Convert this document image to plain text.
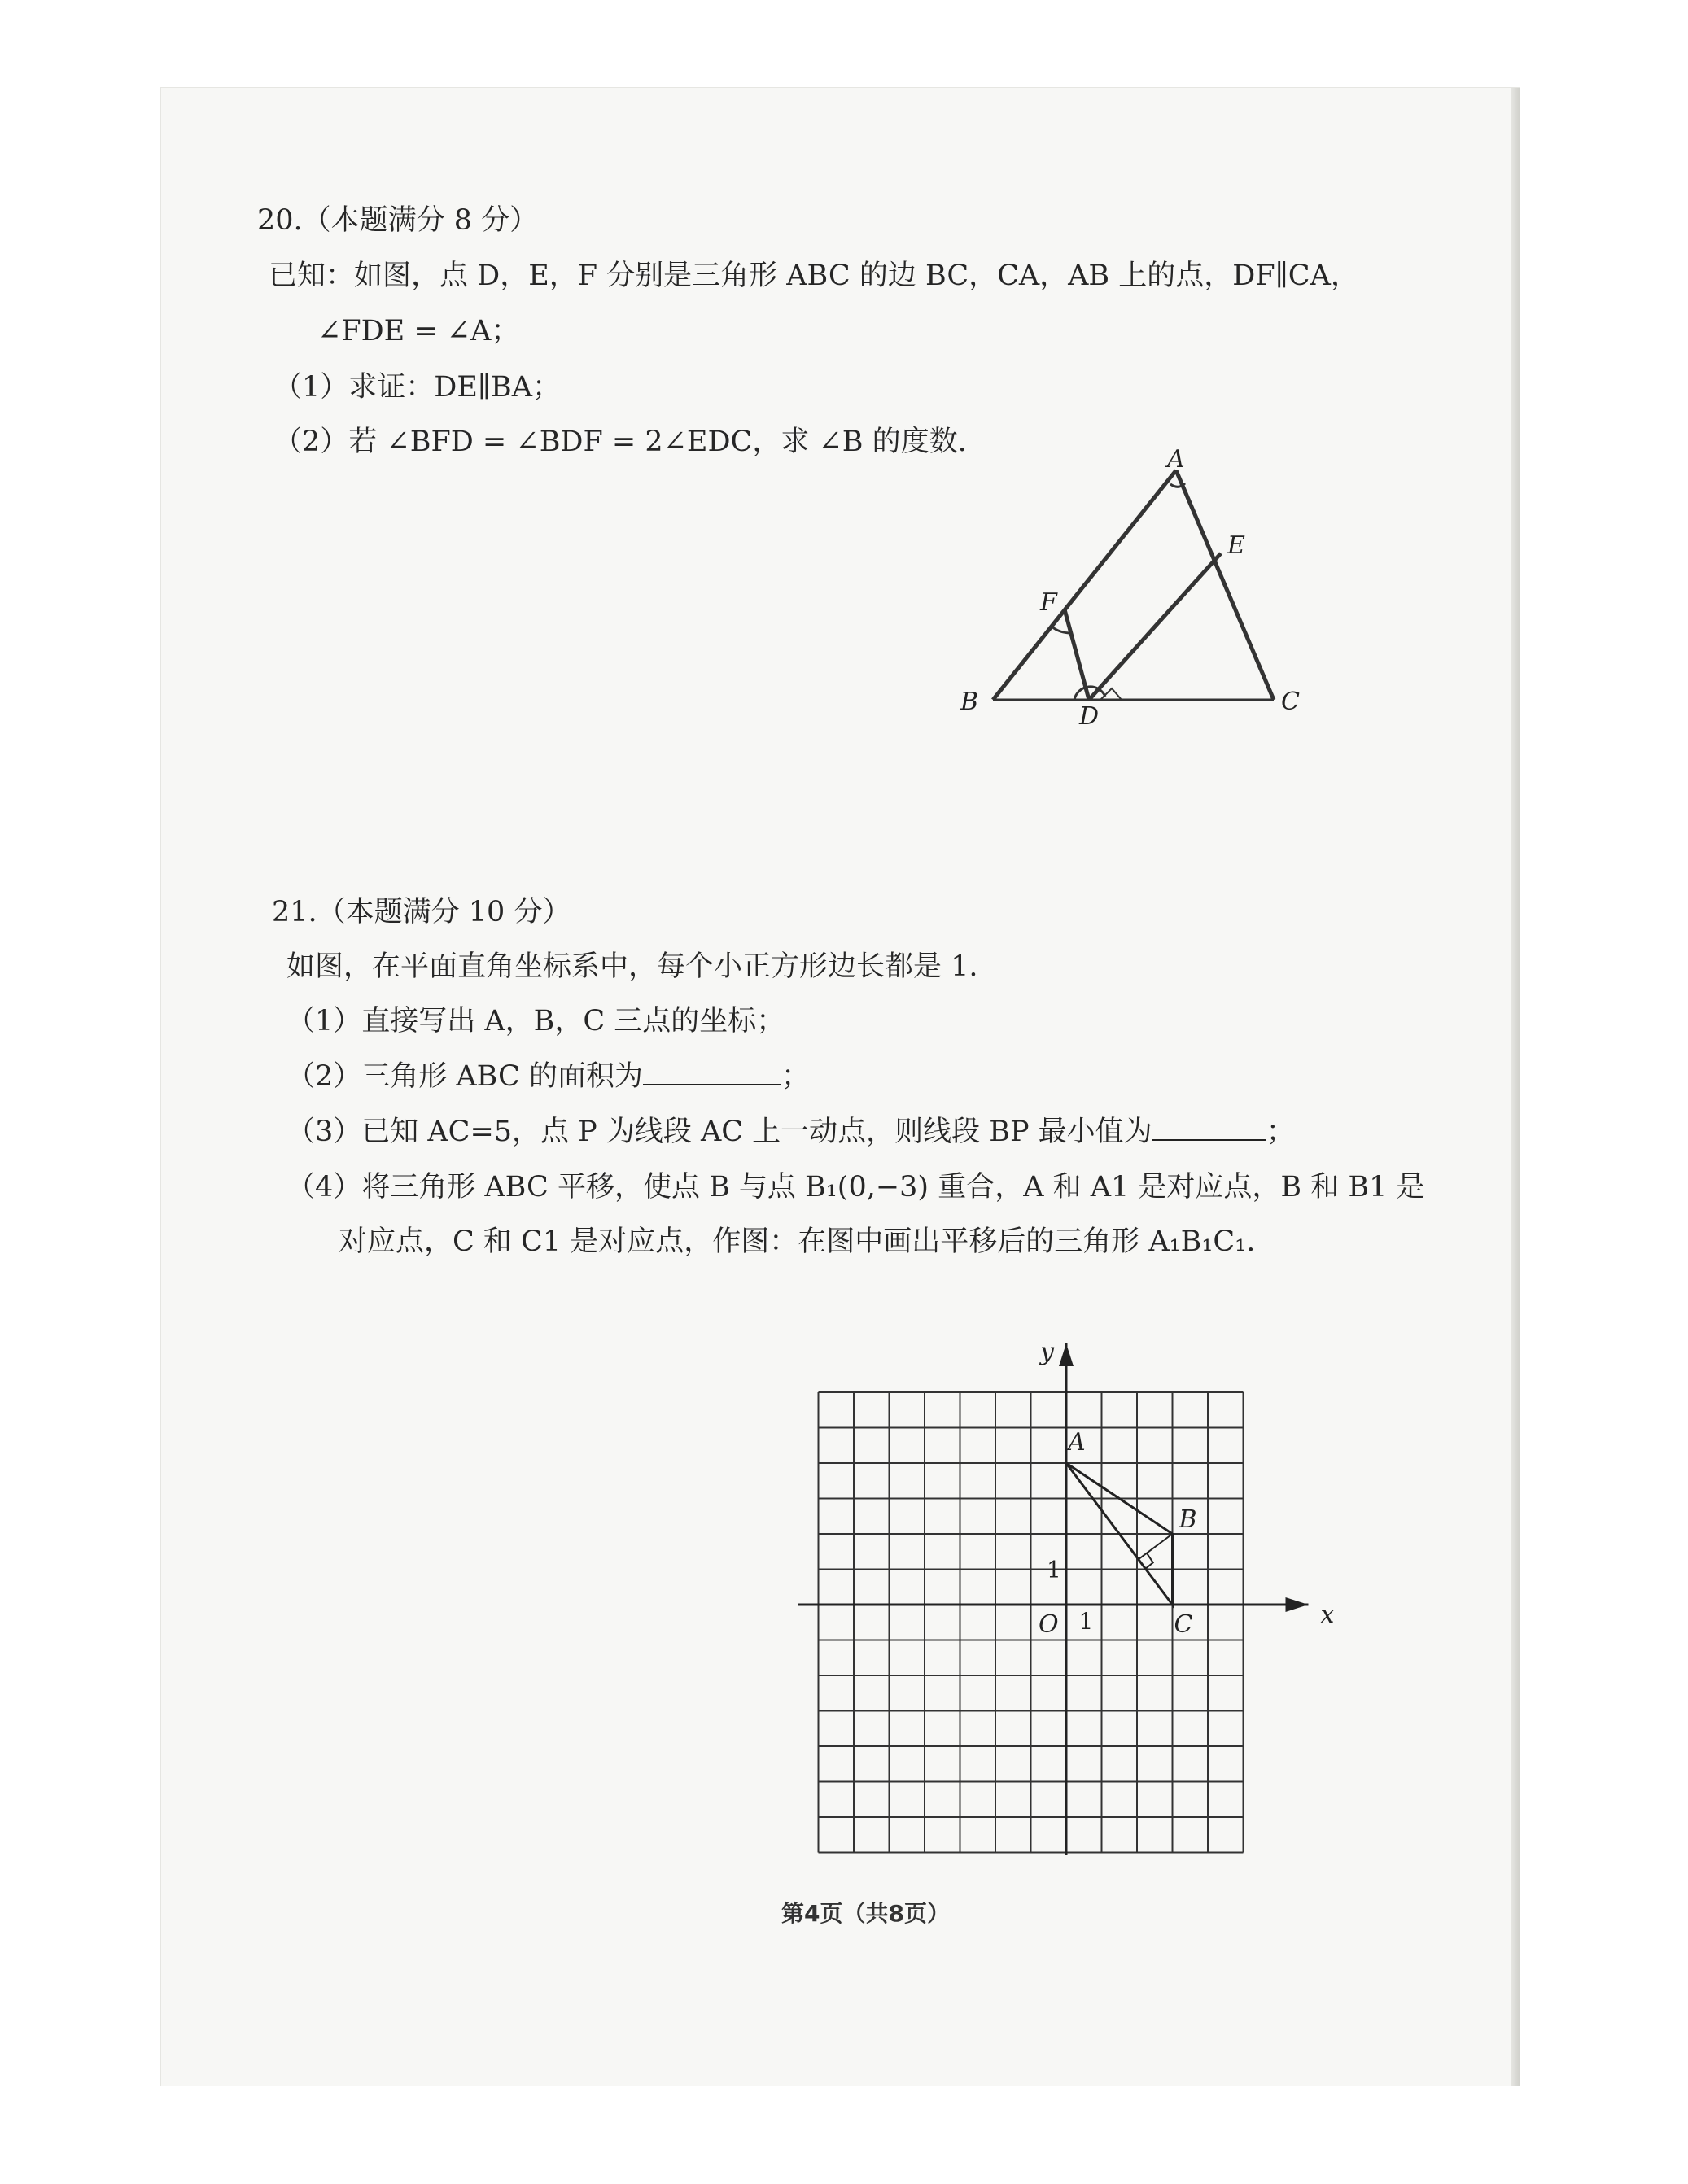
20.（本题满分 8 分）
已知：如图，点 D，E，F 分别是三角形 ABC 的边 BC，CA，AB 上的点，DF∥CA，
∠FDE = ∠A；
（1）求证：DE∥BA；
（2）若 ∠BFD = ∠BDF = 2∠EDC，求 ∠B 的度数.
A
E
F
B
D
C
21.（本题满分 10 分）
如图，在平面直角坐标系中，每个小正方形边长都是 1.
（1）直接写出 A，B，C 三点的坐标；
（2）三角形 ABC 的面积为	；
（3）已知 AC=5，点 P 为线段 AC 上一动点，则线段 BP 最小值为	；
（4）将三角形 ABC 平移，使点 B 与点 B₁(0,−3) 重合，A 和 A1 是对应点，B 和 B1 是
对应点，C 和 C1 是对应点，作图：在图中画出平移后的三角形 A₁B₁C₁.
x
y
O 1
1
A
B
C
第4页（共8页）
